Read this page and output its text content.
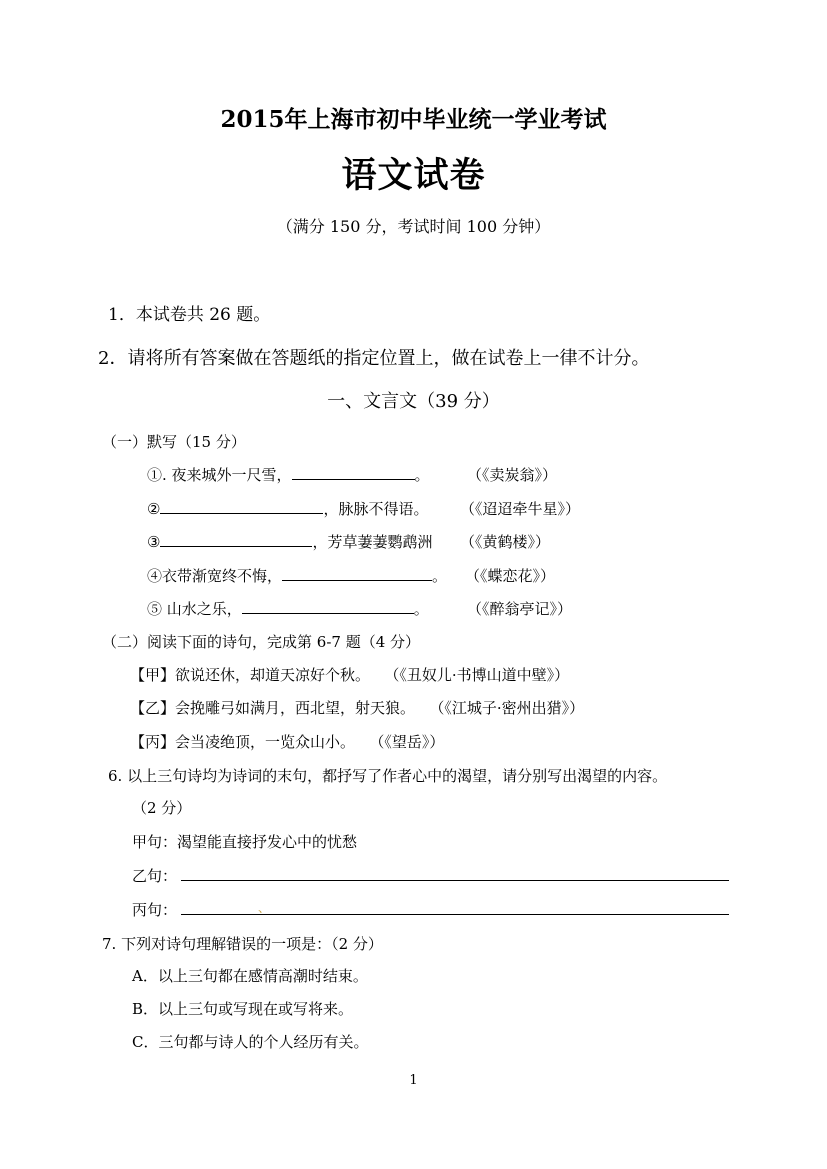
2015年上海市初中毕业统一学业考试
语文试卷
（满分 150 分，考试时间 100 分钟）
1．本试卷共 26 题。
2．请将所有答案做在答题纸的指定位置上，做在试卷上一律不计分。
一、文言文（39 分）
（一）默写（15 分）
①. 夜来城外一尺雪，	。 （《卖炭翁》）
②	，脉脉不得语。 （《迢迢牵牛星》）
③	，芳草萋萋鹦鹉洲 （《黄鹤楼》）
④衣带渐宽终不悔，	。 （《蝶恋花》）
⑤ 山水之乐，	。	（《醉翁亭记》）
（二）阅读下面的诗句，完成第 6-7 题（4 分）
【甲】欲说还休，却道天凉好个秋。 （《丑奴儿·书博山道中壁》）
【乙】会挽雕弓如满月，西北望，射天狼。 （《江城子·密州出猎》）
【丙】会当凌绝顶，一览众山小。 （《望岳》）
6. 以上三句诗均为诗词的末句，都抒写了作者心中的渴望，请分别写出渴望的内容。
（2 分）
甲句：渴望能直接抒发心中的忧愁
乙句：
丙句：	、
7. 下列对诗句理解错误的一项是：（2 分）
A．以上三句都在感情高潮时结束。
B．以上三句或写现在或写将来。
C．三句都与诗人的个人经历有关。
1
